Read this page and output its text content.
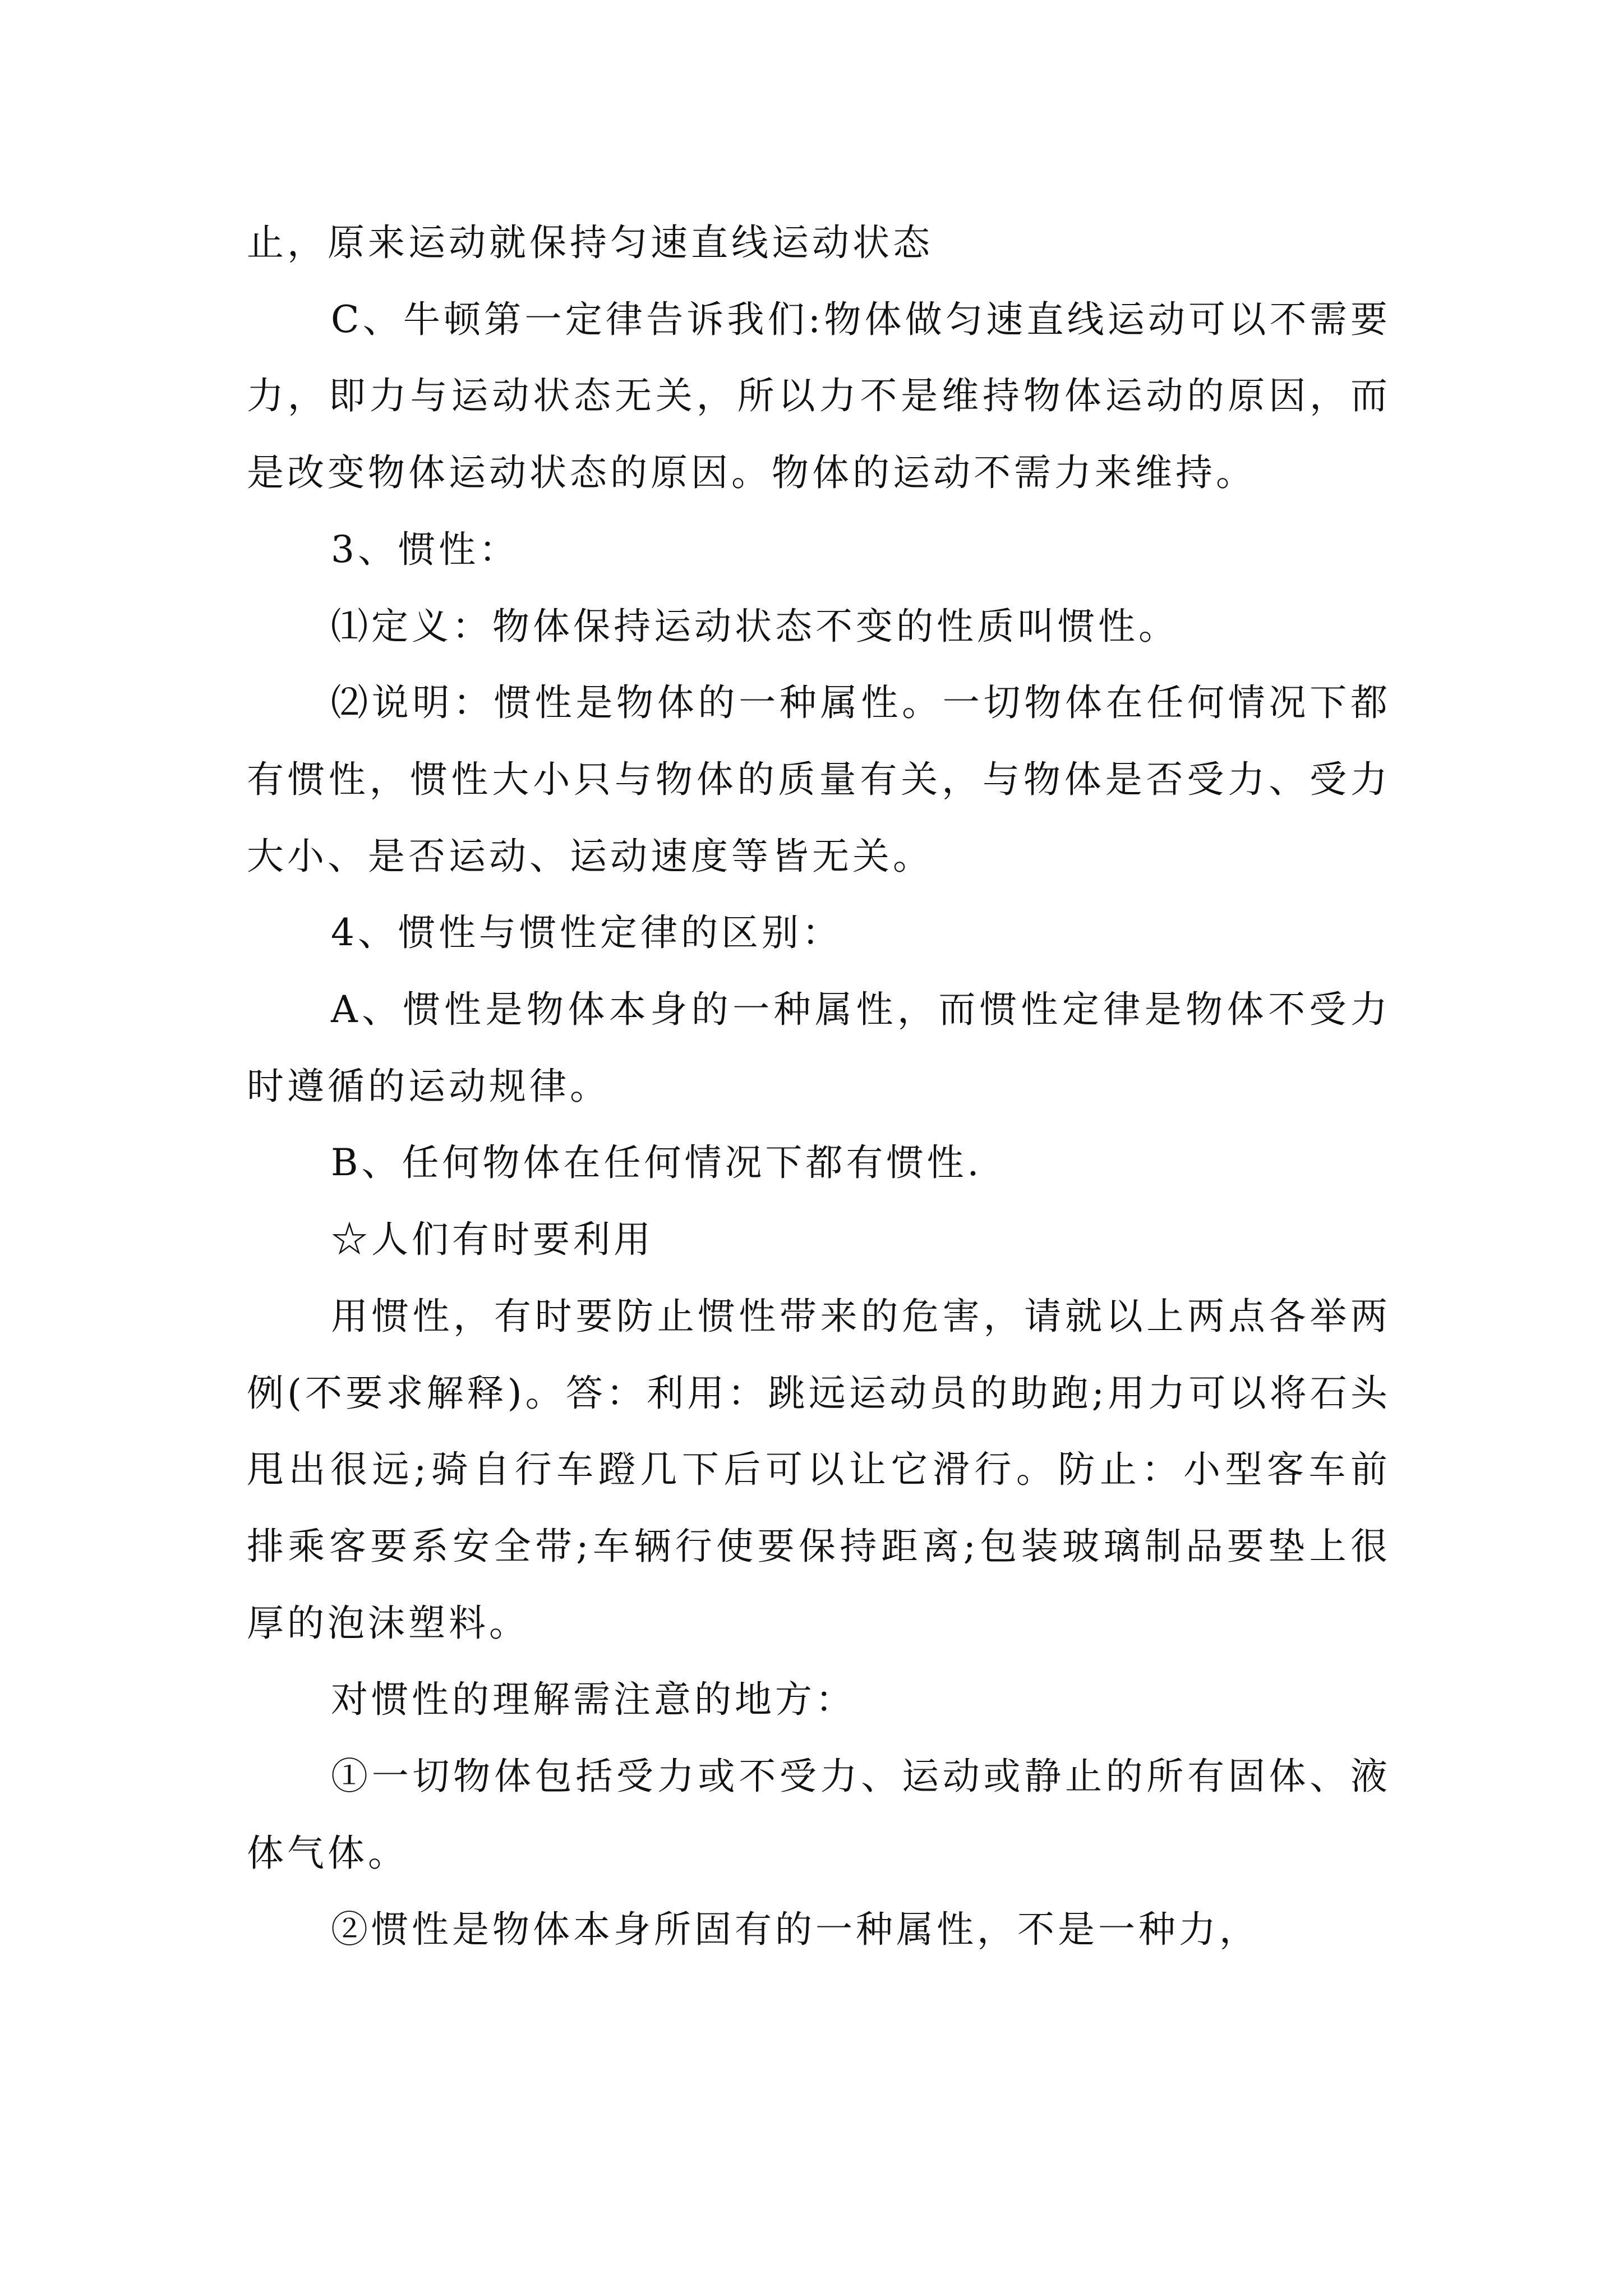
止，原来运动就保持匀速直线运动状态

C、牛顿第一定律告诉我们:物体做匀速直线运动可以不需要力，即力与运动状态无关，所以力不是维持物体运动的原因，而是改变物体运动状态的原因。物体的运动不需力来维持。

3、惯性：

⑴定义：物体保持运动状态不变的性质叫惯性。

⑵说明：惯性是物体的一种属性。一切物体在任何情况下都有惯性，惯性大小只与物体的质量有关，与物体是否受力、受力大小、是否运动、运动速度等皆无关。

4、惯性与惯性定律的区别：

A、惯性是物体本身的一种属性，而惯性定律是物体不受力时遵循的运动规律。

B、任何物体在任何情况下都有惯性.

☆人们有时要利用

用惯性，有时要防止惯性带来的危害，请就以上两点各举两例(不要求解释)。答：利用：跳远运动员的助跑;用力可以将石头甩出很远;骑自行车蹬几下后可以让它滑行。防止：小型客车前排乘客要系安全带;车辆行使要保持距离;包装玻璃制品要垫上很厚的泡沫塑料。

对惯性的理解需注意的地方：

①一切物体包括受力或不受力、运动或静止的所有固体、液体气体。

②惯性是物体本身所固有的一种属性，不是一种力，
